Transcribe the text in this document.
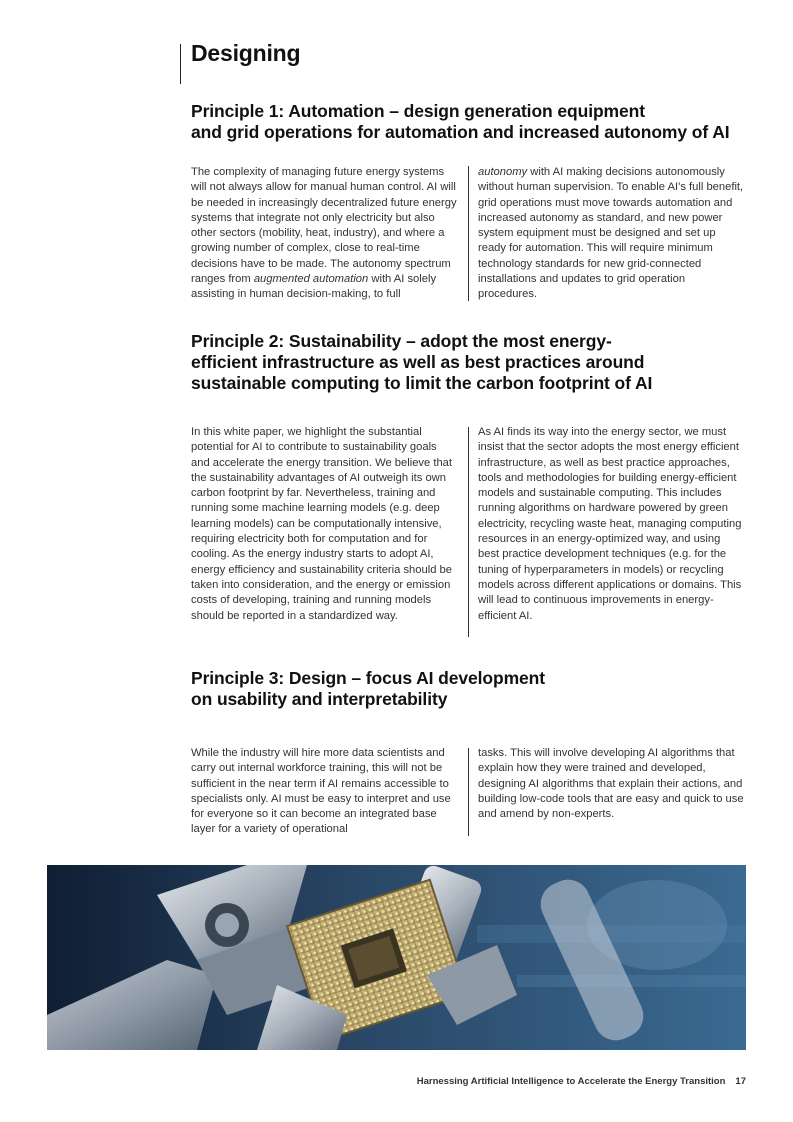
Designing
Principle 1: Automation – design generation equipment
and grid operations for automation and increased autonomy of AI

The complexity of managing future energy systems will not always allow for manual human control. AI will be needed in increasingly decentralized future energy systems that integrate not only electricity but also other sectors (mobility, heat, industry), and where a growing number of complex, close to real-time decisions have to be made. The autonomy spectrum ranges from augmented automation with AI solely assisting in human decision-making, to full

autonomy with AI making decisions autonomously without human supervision. To enable AI’s full benefit, grid operations must move towards automation and increased autonomy as standard, and new power system equipment must be designed and set up ready for automation. This will require minimum technology standards for new grid-connected installations and updates to grid operation procedures.

Principle 2: Sustainability – adopt the most energy-
efficient infrastructure as well as best practices around
sustainable computing to limit the carbon footprint of AI

In this white paper, we highlight the substantial potential for AI to contribute to sustainability goals and accelerate the energy transition. We believe that the sustainability advantages of AI outweigh its own carbon footprint by far. Nevertheless, training and running some machine learning models (e.g. deep learning models) can be computationally intensive, requiring electricity both for computation and for cooling. As the energy industry starts to adopt AI, energy efficiency and sustainability criteria should be taken into consideration, and the energy or emission costs of developing, training and running models should be reported in a standardized way.

As AI finds its way into the energy sector, we must insist that the sector adopts the most energy efficient infrastructure, as well as best practice approaches, tools and methodologies for building energy-efficient models and sustainable computing. This includes running algorithms on hardware powered by green electricity, recycling waste heat, managing computing resources in an energy-optimized way, and using best practice development techniques (e.g. for the tuning of hyperparameters in models) or recycling models across different applications or domains. This will lead to continuous improvements in energy-efficient AI.

Principle 3: Design – focus AI development
on usability and interpretability

While the industry will hire more data scientists and carry out internal workforce training, this will not be sufficient in the near term if AI remains accessible to specialists only. AI must be easy to interpret and use for everyone so it can become an integrated base layer for a variety of operational

tasks. This will involve developing AI algorithms that explain how they were trained and developed, designing AI algorithms that explain their actions, and building low-code tools that are easy and quick to use and amend by non-experts.

Harnessing Artificial Intelligence to Accelerate the Energy Transition 17
